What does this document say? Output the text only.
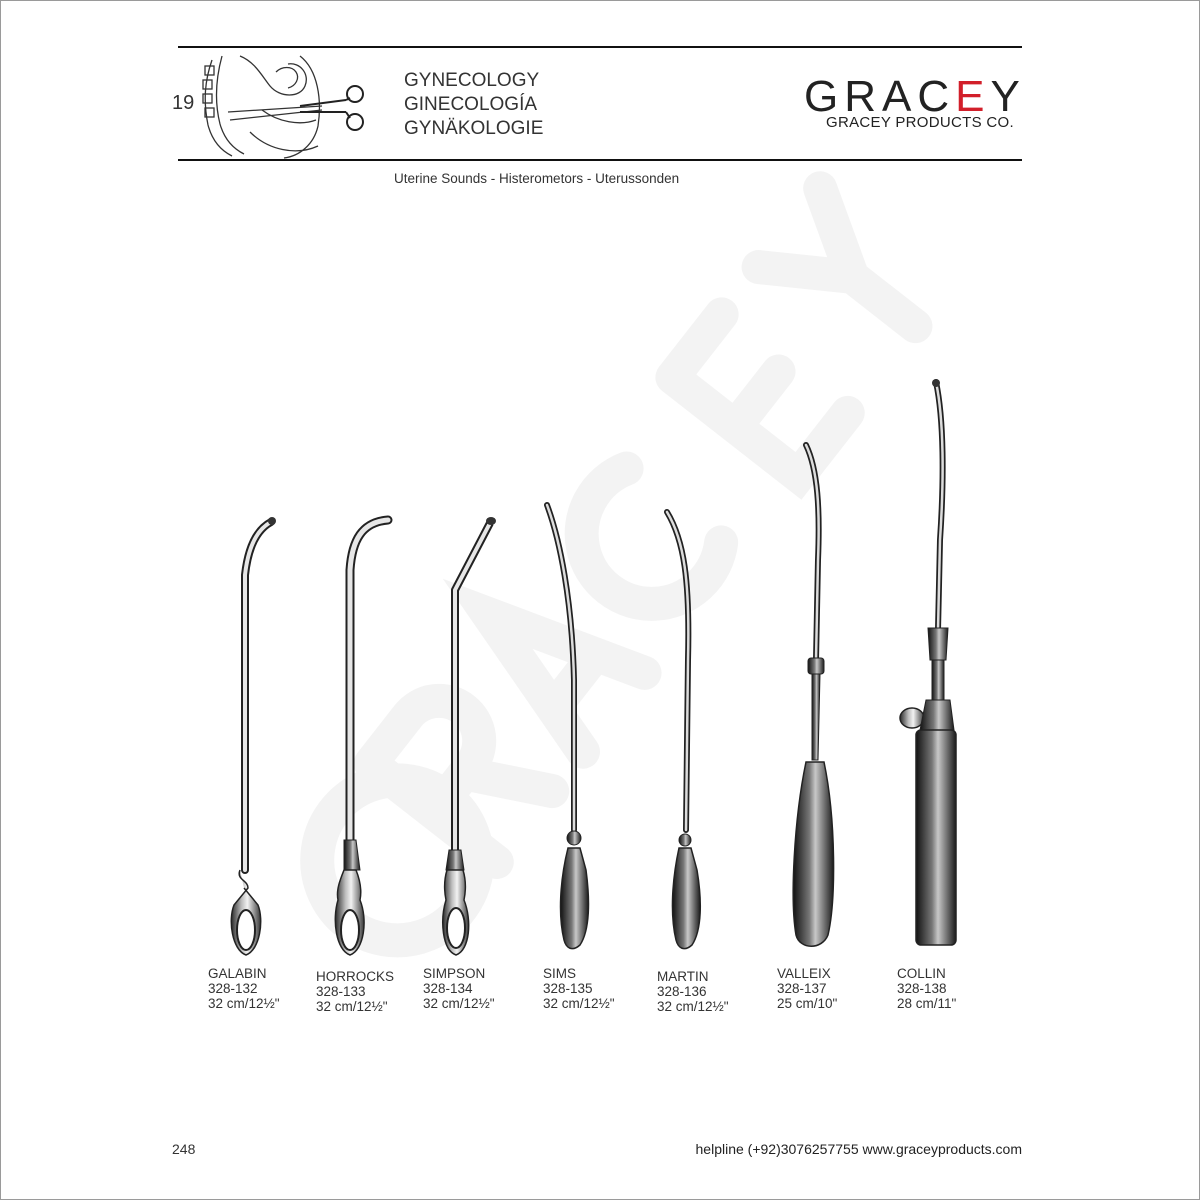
19
GYNECOLOGY
GINECOLOGÍA
GYNÄKOLOGIE
GRACEY
GRACEY PRODUCTS CO.
Uterine Sounds - Histerometors - Uterussonden
GALABIN
328-132
32 cm/12½"
HORROCKS
328-133
32 cm/12½"
SIMPSON
328-134
32 cm/12½"
SIMS
328-135
32 cm/12½"
MARTIN
328-136
32 cm/12½"
VALLEIX
328-137
25 cm/10"
COLLIN
328-138
28 cm/11"
248	helpline (+92)3076257755 www.graceyproducts.com
